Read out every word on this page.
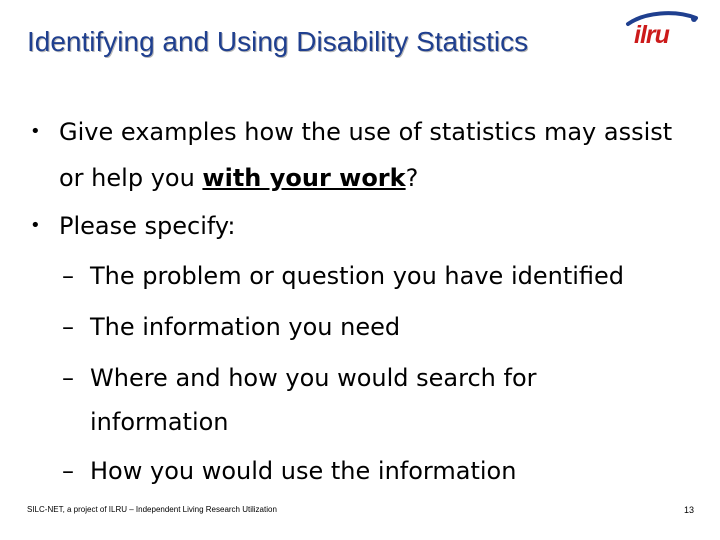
Identifying and Using Disability Statistics	ilru
• Give examples how the use of statistics may assist or help you with your work?
• Please specify:
– The problem or question you have identified
– The information you need
– Where and how you would search for information
– How you would use the information
SILC-NET, a project of ILRU – Independent Living Research Utilization	13
